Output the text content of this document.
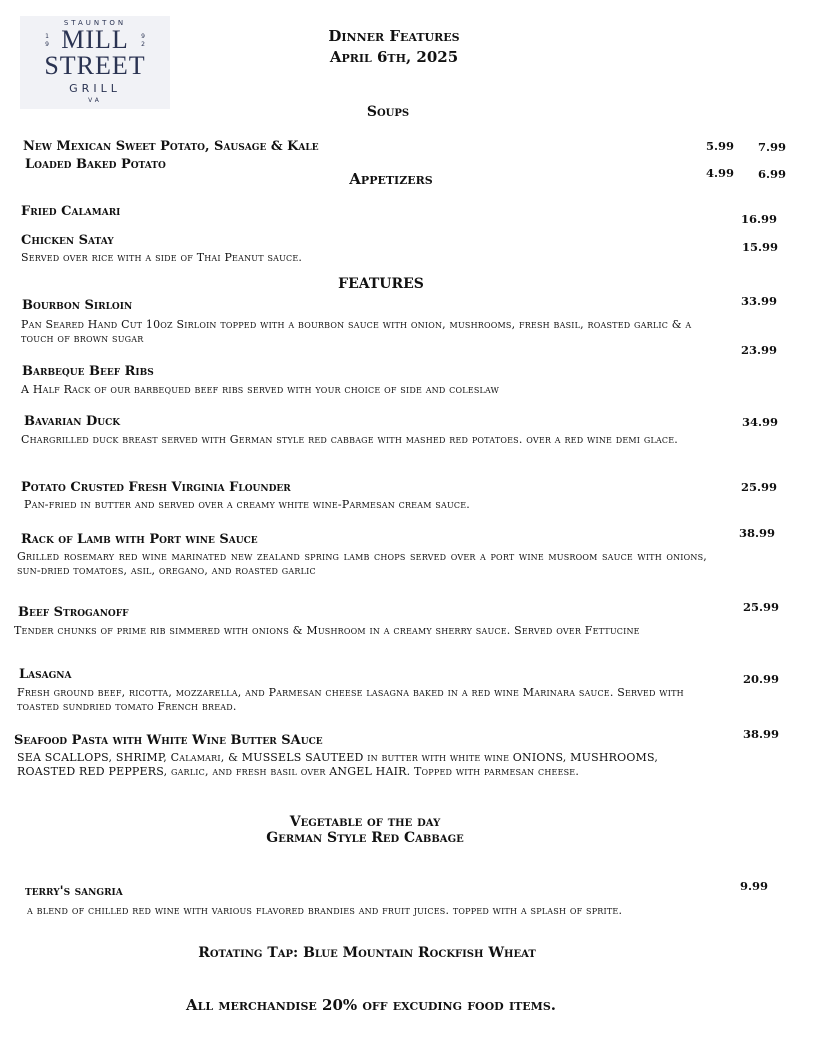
STAUNTON
1 9 MILL	9 2
STREET
GRILL
VA
Dinner Features
April 6th, 2025
Soups
New Mexican Sweet Potato, Sausage & Kale	5.99 7.99
Loaded Baked Potato
4.99 6.99
Appetizers
Fried Calamari	16.99
Chicken Satay
Served over rice with a side of Thai Peanut sauce.
15.99
FEATURES
Bourbon Sirloin
Pan Seared Hand Cut 10oz Sirloin topped with a bourbon sauce with onion, mushrooms, fresh basil, roasted garlic & a touch of brown sugar
33.99
Barbeque Beef Ribs
A Half Rack of our barbequed beef ribs served with your choice of side and coleslaw
23.99
Bavarian Duck
Chargrilled duck breast served with German style red cabbage with mashed red potatoes. over a red wine demi glace.
34.99
Potato Crusted Fresh Virginia Flounder
Pan-fried in butter and served over a creamy white wine-Parmesan cream sauce.
25.99
Rack of Lamb with Port wine Sauce
Grilled rosemary red wine marinated new zealand spring lamb chops served over a port wine musroom sauce with onions, sun-dried tomatoes, asil, oregano, and roasted garlic
38.99
Beef Stroganoff
Tender chunks of prime rib simmered with onions & Mushroom in a creamy sherry sauce. Served over Fettucine
25.99
Lasagna
Fresh ground beef, ricotta, mozzarella, and Parmesan cheese lasagna baked in a red wine Marinara sauce. Served with toasted sundried tomato French bread.
20.99
Seafood Pasta with White Wine Butter SAuce
SEA SCALLOPS, SHRIMP, Calamari, & MUSSELS SAUTEED in butter with white wine ONIONS, MUSHROOMS, ROASTED RED PEPPERS, garlic, and fresh basil over ANGEL HAIR. Topped with parmesan cheese.
38.99
Vegetable of the day
German Style Red Cabbage
terry's sangria
a blend of chilled red wine with various flavored brandies and fruit juices. topped with a splash of sprite.
9.99
Rotating Tap: Blue Mountain Rockfish Wheat
All merchandise 20% off excuding food items.
